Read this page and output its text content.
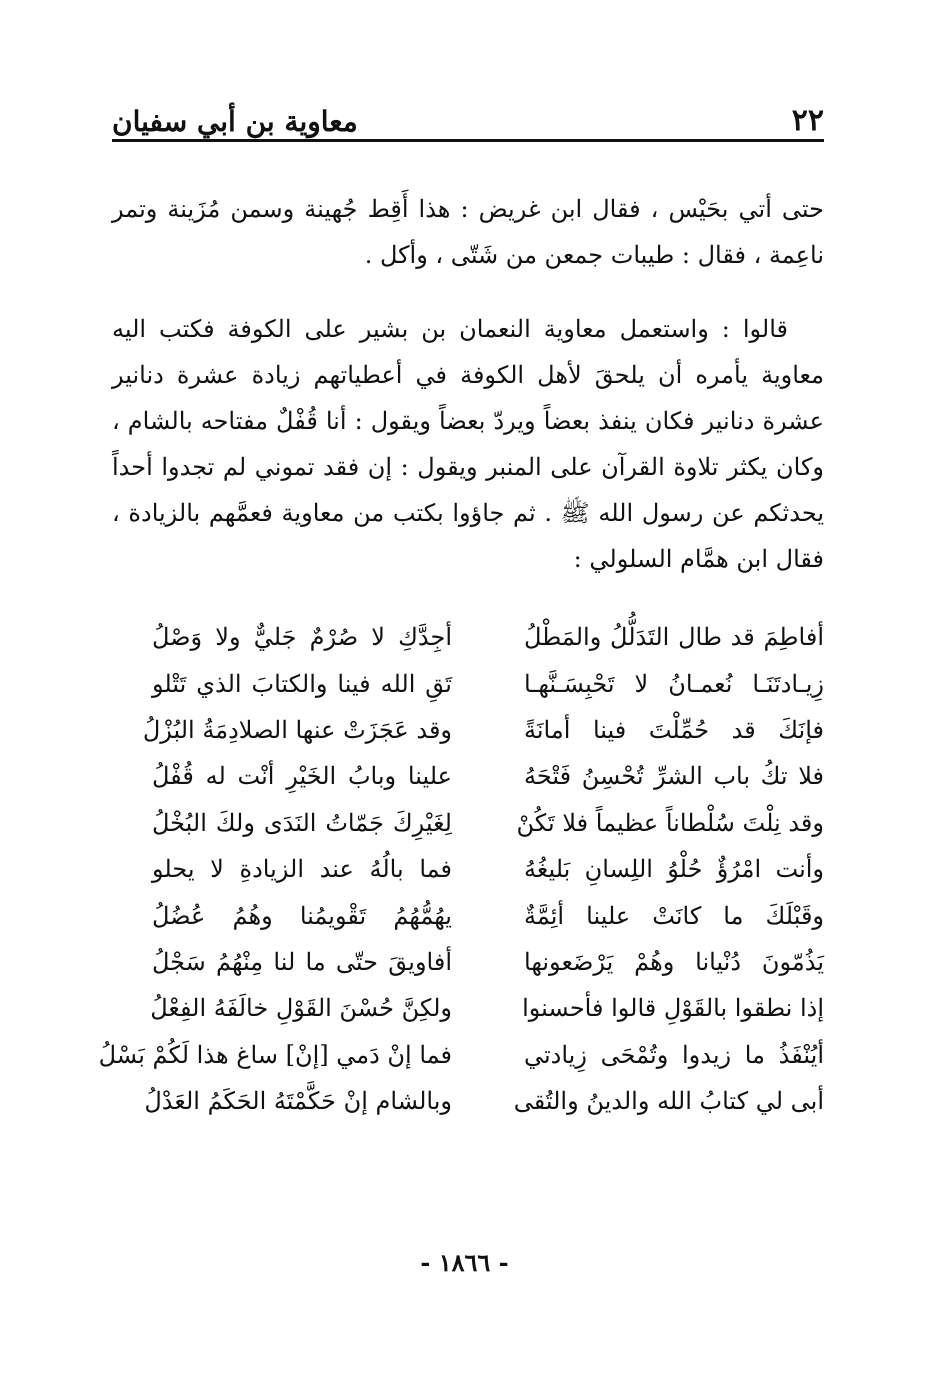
٢٢
معاوية بن أبي سفيان
حتى أتي بحَيْس ، فقال ابن غريض : هذا أَقِط جُهينة وسمن مُزَينة وتمر ناعِمة ، فقال : طيبات جمعن من شَتّى ، وأكل .
قالوا : واستعمل معاوية النعمان بن بشير على الكوفة فكتب اليه معاوية يأمره أن يلحقَ لأهل الكوفة في أعطياتهم زيادة عشرة دنانير عشرة دنانير فكان ينفذ بعضاً ويردّ بعضاً ويقول : أنا قُفْلٌ مفتاحه بالشام ، وكان يكثر تلاوة القرآن على المنبر ويقول : إن فقد تموني لم تجدوا أحداً يحدثكم عن رسول الله ﷺ . ثم جاؤوا بكتب من معاوية فعمَّهم بالزيادة ، فقال ابن همَّام السلولي :
أفاطِمَ قد طال التَدَلُّلُ والمَطْلُ
أجِدَّكِ لا صُرْمٌ جَليٌّ ولا وَصْلُ
زِيـادتَنَـا نُعمـانُ لا تَحْبِسَـنَّهـا
تَقِ الله فينا والكتابَ الذي تَتْلو
فإنَكَ قد حُمِّلْتَ فينا أمانَةً
وقد عَجَزَتْ عنها الصلادِمَةُ البُزْلُ
فلا تكُ باب الشرِّ تُحْسِنُ فَتْحَهُ
علينا وبابُ الخَيْرِ أنْت له قُفْلُ
وقد نِلْتَ سُلْطاناً عظيماً فلا تَكُنْ
لِغَيْرِكَ جَمّاتُ النَدَى ولكَ البُخْلُ
وأنت امْرُؤٌ حُلْوُ اللِسانِ بَليغُهُ
فما بالُهُ عند الزيادةِ لا يحلو
وقَبْلَكَ ما كانَتْ علينا أئِمَّةٌ
يهُمُّهُمُ تَقْويمُنا وهُمُ عُضُلُ
يَذُمّونَ دُنْيانا وهُمْ يَرْضَعونها
أفاويقَ حتّى ما لنا مِنْهُمُ سَجْلُ
إذا نطقوا بالقَوْلِ قالوا فأحسنوا
ولكِنَّ حُسْنَ القَوْلِ خالَفَهُ الفِعْلُ
أيُنْفَذُ ما زيدوا وتُمْحَى زِيادتي
فما إنْ دَمي [إنْ] ساغ هذا لَكُمْ بَسْلُ
أبى لي كتابُ الله والدينُ والتُقى
وبالشام إنْ حَكَّمْتَهُ الحَكَمُ العَدْلُ
- ١٨٦٦ -
